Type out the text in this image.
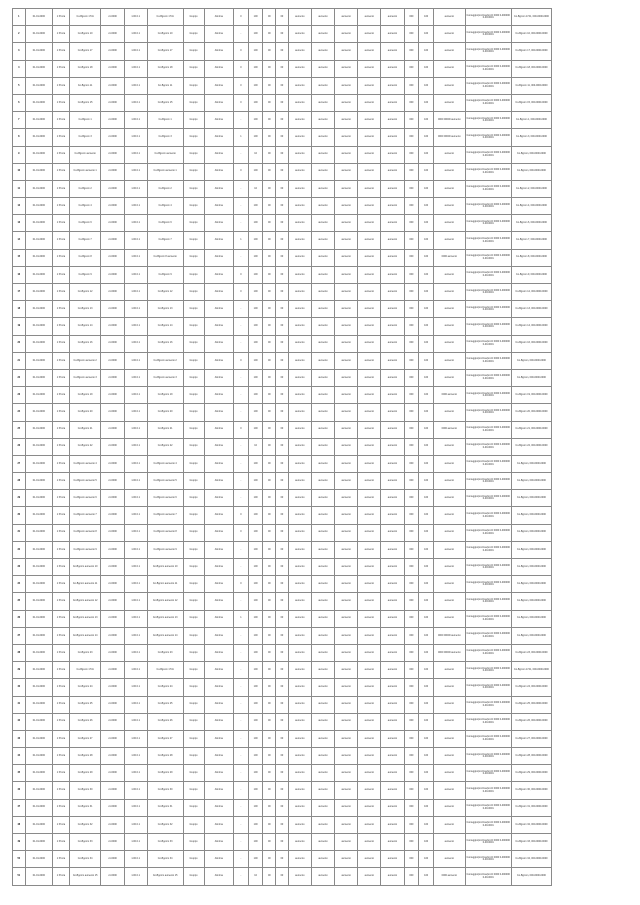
1	01-01-0000	1 Proza	Co-Bgcom 1741	x1.0000	1.00.0.1	Co-Bgcom 1741	Gruppo	Almirna	0	100	00	00	aumento	aumento	aumento	aumento	aumento	000	100	aumento	Conteggio/prozzoo/prozz 0000 0-0000000-00-0001	Co-Bgcom 1741, 000-0000-0000
2	01-01-0000	1 Proza	Co-Bgcom 10	x1.0000	1.00.0.1	Co-Bgcom 10	Gruppo	Almirna	-	100	00	00	aumento	aumento	aumento	aumento	aumento	000	100	aumento	Conteggio/prozzoo/prozz 0000 0-0000000-00-0001	Co-Bgcom 10, 000-0000-0000
3	01-01-0000	1 Proza	Co-Bgcom 17	x1.0000	1.00.0.1	Co-Bgcom 17	Gruppo	Almirna	0	100	00	00	aumento	aumento	aumento	aumento	aumento	000	100	aumento	Conteggio/prozzoo/prozz 0000 0-0000000-00-0001	Co-Bgcom 17, 000-0000-0000
4	01-01-0000	1 Proza	Co-Bgcom 18	x1.0000	1.00.0.1	Co-Bgcom 18	Gruppo	Almirna	0	100	00	00	aumento	aumento	aumento	aumento	aumento	000	100	aumento	Conteggio/prozzoo/prozz 0000 0-0000000-00-0001	Co-Bgcom 18, 000-0000-0000
5	01-01-0000	1 Proza	Co-Bgcom 11	x1.0000	1.00.0.1	Co-Bgcom 11	Gruppo	Almirna	0	100	00	00	aumento	aumento	aumento	aumento	aumento	000	100	aumento	Conteggio/prozzoo/prozz 0000 0-0000000-00-0001	Co-Bgcom 11, 000-0000-0000
6	01-01-0000	1 Proza	Co-Bgcom 15	x1.0000	1.00.0.1	Co-Bgcom 15	Gruppo	Almirna	0	100	00	00	aumento	aumento	aumento	aumento	aumento	000	100	aumento	Conteggio/prozzoo/prozz 0000 0-0000000-00-0001	Co-Bgcom 15, 000-0000-0000
7	01-01-0000	1 Proza	Co-Bgcom 1	x1.0000	1.00.0.1	Co-Bgcom 1	Gruppo	Almirna	-	100	00	00	aumento	aumento	aumento	aumento	aumento	000	100	0000 00000 aumento	Conteggio/prozzoo/prozz 0000 0-0000000-00-0001	Co-Bgcom 1, 000-0000-0000
8	01-01-0000	1 Proza	Co-Bgcom 3	x1.0000	1.00.0.1	Co-Bgcom 3	Gruppo	Almirna	1	100	00	00	aumento	aumento	aumento	aumento	aumento	000	100	0000 00000 aumento	Conteggio/prozzoo/prozz 0000 0-0000000-00-0001	Co-Bgcom 3, 000-0000-0000
9	01-01-0000	1 Proza	Co-Bgcom aumento	x1.0000	1.00.0.1	Co-Bgcom aumento	Gruppo	Almirna	-	10	00	00	aumento	aumento	aumento	aumento	aumento	000	100	aumento	Conteggio/prozzoo/prozz 0000 0-0000000-00-0001	Co-Bgcom, 000-0000-0000
10	01-01-0000	1 Proza	Co-Bgcom aumento 1	x1.0000	1.00.0.1	Co-Bgcom aumento 1	Gruppo	Almirna	0	100	00	00	aumento	aumento	aumento	aumento	aumento	000	100	aumento	Conteggio/prozzoo/prozz 0000 0-0000000-00-0001	Co-Bgcom, 000-0000-0000
11	01-01-0000	1 Proza	Co-Bgcom 2	x1.0000	1.00.0.1	Co-Bgcom 2	Gruppo	Almirna	-	10	00	00	aumento	aumento	aumento	aumento	aumento	000	100	aumento	Conteggio/prozzoo/prozz 0000 0-0000000-00-0001	Co-Bgcom 2, 000-0000-0000
12	01-01-0000	1 Proza	Co-Bgcom 4	x1.0000	1.00.0.1	Co-Bgcom 4	Gruppo	Almirna	-	100	00	00	aumento	aumento	aumento	aumento	aumento	000	100	aumento	Conteggio/prozzoo/prozz 0000 0-0000000-00-0001	Co-Bgcom 4, 000-0000-0000
13	01-01-0000	1 Proza	Co-Bgcom 6	x1.0000	1.00.0.1	Co-Bgcom 6	Gruppo	Almirna	-	100	00	00	aumento	aumento	aumento	aumento	aumento	000	100	aumento	Conteggio/prozzoo/prozz 0000 0-0000000-00-0001	Co-Bgcom 6, 000-0000-0000
14	01-01-0000	1 Proza	Co-Bgcom 7	x1.0000	1.00.0.1	Co-Bgcom 7	Gruppo	Almirna	1	100	00	00	aumento	aumento	aumento	aumento	aumento	000	100	aumento	Conteggio/prozzoo/prozz 0000 0-0000000-00-0001	Co-Bgcom 7, 000-0000-0000
15	01-01-0000	1 Proza	Co-Bgcom 8	x1.0000	1.00.0.1	Co-Bgcom 8 aumento	Gruppo	Almirna	-	100	00	00	aumento	aumento	aumento	aumento	aumento	000	100	0000 aumento	Conteggio/prozzoo/prozz 0000 0-0000000-00-0001	Co-Bgcom 8, 000-0000-0000
16	01-01-0000	1 Proza	Co-Bgcom 9	x1.0000	1.00.0.1	Co-Bgcom 9	Gruppo	Almirna	0	100	00	00	aumento	aumento	aumento	aumento	aumento	000	100	aumento	Conteggio/prozzoo/prozz 0000 0-0000000-00-0001	Co-Bgcom 9, 000-0000-0000
17	01-01-0000	1 Proza	Co-Bgcom 12	x1.0000	1.00.0.1	Co-Bgcom 12	Gruppo	Almirna	0	100	00	00	aumento	aumento	aumento	aumento	aumento	000	100	aumento	Conteggio/prozzoo/prozz 0000 0-0000000-00-0001	Co-Bgcom 12, 000-0000-0000
18	01-01-0000	1 Proza	Co-Bgcom 13	x1.0000	1.00.0.1	Co-Bgcom 13	Gruppo	Almirna	-	100	00	00	aumento	aumento	aumento	aumento	aumento	000	100	aumento	Conteggio/prozzoo/prozz 0000 0-0000000-00-0001	Co-Bgcom 13, 000-0000-0000
19	01-01-0000	1 Proza	Co-Bgcom 14	x1.0000	1.00.0.1	Co-Bgcom 14	Gruppo	Almirna	-	100	00	00	aumento	aumento	aumento	aumento	aumento	000	100	aumento	Conteggio/prozzoo/prozz 0000 0-0000000-00-0001	Co-Bgcom 14, 000-0000-0000
20	01-01-0000	1 Proza	Co-Bgcom 16	x1.0000	1.00.0.1	Co-Bgcom 16	Gruppo	Almirna	-	100	00	00	aumento	aumento	aumento	aumento	aumento	000	100	aumento	Conteggio/prozzoo/prozz 0000 0-0000000-00-0001	Co-Bgcom 16, 000-0000-0000
21	01-01-0000	1 Proza	Co-Bgcom aumento 2	x1.0000	1.00.0.1	Co-Bgcom aumento 2	Gruppo	Almirna	0	100	00	00	aumento	aumento	aumento	aumento	aumento	000	100	aumento	Conteggio/prozzoo/prozz 0000 0-0000000-00-0001	Co-Bgcom, 000-0000-0000
22	01-01-0000	1 Proza	Co-Bgcom aumento 3	x1.0000	1.00.0.1	Co-Bgcom aumento 3	Gruppo	Almirna	-	100	00	00	aumento	aumento	aumento	aumento	aumento	000	100	aumento	Conteggio/prozzoo/prozz 0000 0-0000000-00-0001	Co-Bgcom, 000-0000-0000
23	01-01-0000	1 Proza	Co-Bgcom 19	x1.0000	1.00.0.1	Co-Bgcom 19	Gruppo	Almirna	-	100	00	00	aumento	aumento	aumento	aumento	aumento	000	100	0000 aumento	Conteggio/prozzoo/prozz 0000 0-0000000-00-0001	Co-Bgcom 19, 000-0000-0000
24	01-01-0000	1 Proza	Co-Bgcom 20	x1.0000	1.00.0.1	Co-Bgcom 20	Gruppo	Almirna	-	100	00	00	aumento	aumento	aumento	aumento	aumento	000	100	aumento	Conteggio/prozzoo/prozz 0000 0-0000000-00-0001	Co-Bgcom 20, 000-0000-0000
25	01-01-0000	1 Proza	Co-Bgcom 21	x1.0000	1.00.0.1	Co-Bgcom 21	Gruppo	Almirna	0	100	00	00	aumento	aumento	aumento	aumento	aumento	000	100	0000 aumento	Conteggio/prozzoo/prozz 0000 0-0000000-00-0001	Co-Bgcom 21, 000-0000-0000
26	01-01-0000	1 Proza	Co-Bgcom 22	x1.0000	1.00.0.1	Co-Bgcom 22	Gruppo	Almirna	-	10	00	00	aumento	aumento	aumento	aumento	aumento	000	100	aumento	Conteggio/prozzoo/prozz 0000 0-0000000-00-0001	Co-Bgcom 22, 000-0000-0000
27	01-01-0000	1 Proza	Co-Bgcom aumento 4	x1.0000	1.00.0.1	Co-Bgcom aumento 4	Gruppo	Almirna	-	100	00	00	aumento	aumento	aumento	aumento	aumento	000	100	aumento	Conteggio/prozzoo/prozz 0000 0-0000000-00-0001	Co-Bgcom, 000-0000-0000
28	01-01-0000	1 Proza	Co-Bgcom aumento 5	x1.0000	1.00.0.1	Co-Bgcom aumento 5	Gruppo	Almirna	-	100	00	00	aumento	aumento	aumento	aumento	aumento	000	100	aumento	Conteggio/prozzoo/prozz 0000 0-0000000-00-0001	Co-Bgcom, 000-0000-0000
29	01-01-0000	1 Proza	Co-Bgcom aumento 6	x1.0000	1.00.0.1	Co-Bgcom aumento 6	Gruppo	Almirna	-	100	00	00	aumento	aumento	aumento	aumento	aumento	000	100	aumento	Conteggio/prozzoo/prozz 0000 0-0000000-00-0001	Co-Bgcom, 000-0000-0000
30	01-01-0000	1 Proza	Co-Bgcom aumento 7	x1.0000	1.00.0.1	Co-Bgcom aumento 7	Gruppo	Almirna	0	100	00	00	aumento	aumento	aumento	aumento	aumento	000	100	aumento	Conteggio/prozzoo/prozz 0000 0-0000000-00-0001	Co-Bgcom, 000-0000-0000
31	01-01-0000	1 Proza	Co-Bgcom aumento 8	x1.0000	1.00.0.1	Co-Bgcom aumento 8	Gruppo	Almirna	0	100	00	00	aumento	aumento	aumento	aumento	aumento	000	100	aumento	Conteggio/prozzoo/prozz 0000 0-0000000-00-0001	Co-Bgcom, 000-0000-0000
32	01-01-0000	1 Proza	Co-Bgcom aumento 9	x1.0000	1.00.0.1	Co-Bgcom aumento 9	Gruppo	Almirna	-	100	00	00	aumento	aumento	aumento	aumento	aumento	000	100	aumento	Conteggio/prozzoo/prozz 0000 0-0000000-00-0001	Co-Bgcom, 000-0000-0000
33	01-01-0000	1 Proza	Co-Bgcom aumento 10	x1.0000	1.00.0.1	Co-Bgcom aumento 10	Gruppo	Almirna	-	100	00	00	aumento	aumento	aumento	aumento	aumento	000	100	aumento	Conteggio/prozzoo/prozz 0000 0-0000000-00-0001	Co-Bgcom, 000-0000-0000
34	01-01-0000	1 Proza	Co-Bgcom aumento 11	x1.0000	1.00.0.1	Co-Bgcom aumento 11	Gruppo	Almirna	0	100	00	00	aumento	aumento	aumento	aumento	aumento	000	100	aumento	Conteggio/prozzoo/prozz 0000 0-0000000-00-0001	Co-Bgcom, 000-0000-0000
35	01-01-0000	1 Proza	Co-Bgcom aumento 12	x1.0000	1.00.0.1	Co-Bgcom aumento 12	Gruppo	Almirna	-	100	00	00	aumento	aumento	aumento	aumento	aumento	000	100	aumento	Conteggio/prozzoo/prozz 0000 0-0000000-00-0001	Co-Bgcom, 000-0000-0000
36	01-01-0000	1 Proza	Co-Bgcom aumento 13	x1.0000	1.00.0.1	Co-Bgcom aumento 13	Gruppo	Almirna	1	100	00	00	aumento	aumento	aumento	aumento	aumento	000	100	aumento	Conteggio/prozzoo/prozz 0000 0-0000000-00-0001	Co-Bgcom, 000-0000-0000
37	01-01-0000	1 Proza	Co-Bgcom aumento 14	x1.0000	1.00.0.1	Co-Bgcom aumento 14	Gruppo	Almirna	-	100	00	00	aumento	aumento	aumento	aumento	aumento	000	100	0000 00000 aumento	Conteggio/prozzoo/prozz 0000 0-0000000-00-0001	Co-Bgcom, 000-0000-0000
38	01-01-0000	1 Proza	Co-Bgcom 23	x1.0000	1.00.0.1	Co-Bgcom 23	Gruppo	Almirna	-	100	00	00	aumento	aumento	aumento	aumento	aumento	000	100	0000 00000 aumento	Conteggio/prozzoo/prozz 0000 0-0000000-00-0001	Co-Bgcom 23, 000-0000-0000
39	01-01-0000	1 Proza	Co-Bgcom 1741	x1.0000	1.00.0.1	Co-Bgcom 1741	Gruppo	Almirna	-	100	00	00	aumento	aumento	aumento	aumento	aumento	000	100	aumento	Conteggio/prozzoo/prozz 0000 0-0000000-00-0001	Co-Bgcom 1741, 000-0000-0000
40	01-01-0000	1 Proza	Co-Bgcom 24	x1.0000	1.00.0.1	Co-Bgcom 24	Gruppo	Almirna	-	100	00	00	aumento	aumento	aumento	aumento	aumento	000	100	aumento	Conteggio/prozzoo/prozz 0000 0-0000000-00-0001	Co-Bgcom 24, 000-0000-0000
41	01-01-0000	1 Proza	Co-Bgcom 25	x1.0000	1.00.0.1	Co-Bgcom 25	Gruppo	Almirna	-	100	00	00	aumento	aumento	aumento	aumento	aumento	000	100	aumento	Conteggio/prozzoo/prozz 0000 0-0000000-00-0001	Co-Bgcom 25, 000-0000-0000
42	01-01-0000	1 Proza	Co-Bgcom 26	x1.0000	1.00.0.1	Co-Bgcom 26	Gruppo	Almirna	-	100	00	00	aumento	aumento	aumento	aumento	aumento	000	100	aumento	Conteggio/prozzoo/prozz 0000 0-0000000-00-0001	Co-Bgcom 26, 000-0000-0000
43	01-01-0000	1 Proza	Co-Bgcom 27	x1.0000	1.00.0.1	Co-Bgcom 27	Gruppo	Almirna	-	100	00	00	aumento	aumento	aumento	aumento	aumento	000	100	aumento	Conteggio/prozzoo/prozz 0000 0-0000000-00-0001	Co-Bgcom 27, 000-0000-0000
44	01-01-0000	1 Proza	Co-Bgcom 28	x1.0000	1.00.0.1	Co-Bgcom 28	Gruppo	Almirna	-	100	00	00	aumento	aumento	aumento	aumento	aumento	000	100	aumento	Conteggio/prozzoo/prozz 0000 0-0000000-00-0001	Co-Bgcom 28, 000-0000-0000
45	01-01-0000	1 Proza	Co-Bgcom 29	x1.0000	1.00.0.1	Co-Bgcom 29	Gruppo	Almirna	-	100	00	00	aumento	aumento	aumento	aumento	aumento	000	100	aumento	Conteggio/prozzoo/prozz 0000 0-0000000-00-0001	Co-Bgcom 29, 000-0000-0000
46	01-01-0000	1 Proza	Co-Bgcom 30	x1.0000	1.00.0.1	Co-Bgcom 30	Gruppo	Almirna	-	100	00	00	aumento	aumento	aumento	aumento	aumento	000	100	aumento	Conteggio/prozzoo/prozz 0000 0-0000000-00-0001	Co-Bgcom 30, 000-0000-0000
47	01-01-0000	1 Proza	Co-Bgcom 31	x1.0000	1.00.0.1	Co-Bgcom 31	Gruppo	Almirna	-	100	00	00	aumento	aumento	aumento	aumento	aumento	000	100	aumento	Conteggio/prozzoo/prozz 0000 0-0000000-00-0001	Co-Bgcom 31, 000-0000-0000
48	01-01-0000	1 Proza	Co-Bgcom 32	x1.0000	1.00.0.1	Co-Bgcom 32	Gruppo	Almirna	-	100	00	00	aumento	aumento	aumento	aumento	aumento	000	100	aumento	Conteggio/prozzoo/prozz 0000 0-0000000-00-0001	Co-Bgcom 32, 000-0000-0000
49	01-01-0000	1 Proza	Co-Bgcom 33	x1.0000	1.00.0.1	Co-Bgcom 33	Gruppo	Almirna	-	100	00	00	aumento	aumento	aumento	aumento	aumento	000	100	aumento	Conteggio/prozzoo/prozz 0000 0-0000000-00-0001	Co-Bgcom 33, 000-0000-0000
50	01-01-0000	1 Proza	Co-Bgcom 34	x1.0000	1.00.0.1	Co-Bgcom 34	Gruppo	Almirna	-	100	00	00	aumento	aumento	aumento	aumento	aumento	000	100	aumento	Conteggio/prozzoo/prozz 0000 0-0000000-00-0001	Co-Bgcom 34, 000-0000-0000
51	01-01-0000	1 Proza	Co-Bgcom aumento 15	x1.0000	1.00.0.1	Co-Bgcom aumento 15	Gruppo	Almirna	-	10	00	00	aumento	aumento	aumento	aumento	aumento	000	100	0000 aumento	Conteggio/prozzoo/prozz 0000 0-0000000-00-0001	Co-Bgcom, 000-0000-0000
